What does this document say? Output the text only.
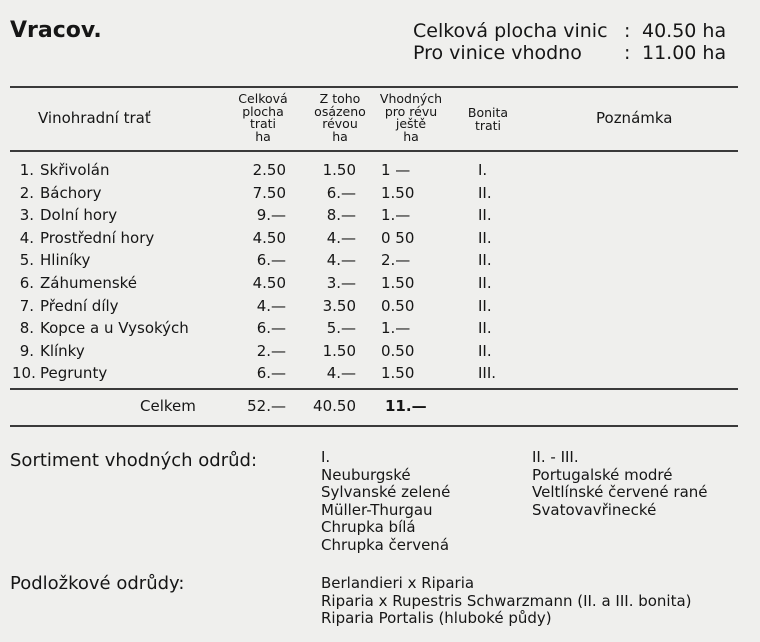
Vracov.	Celková plocha vinic : 40.50 ha
Pro vinice vhodno : 11.00 ha
Vinohradní trať
Celková
plocha
trati
ha
Z toho
osázeno
révou
ha
Vhodných
pro révu
ještě
ha
Bonita
trati	Poznámka
1. Skřivolán	2.50	1.50 1 —	I.
2. Báchory	7.50	6.— 1.50	II.
3. Dolní hory	9.—	8.— 1.—	II.
4. Prostřední hory	4.50	4.— 0 50	II.
5. Hliníky	6.—	4.— 2.—	II.
6. Záhumenské	4.50	3.— 1.50	II.
7. Přední díly	4.—	3.50 0.50	II.
8. Kopce a u Vysokých	6.—	5.— 1.—	II.
9. Klínky	2.—	1.50 0.50	II.
10. Pegrunty	6.—	4.— 1.50	III.
Celkem	52.—	40.50 11.—
Sortiment vhodných odrůd:	I.
Neuburgské
Sylvanské zelené
Müller-Thurgau
Chrupka bílá
Chrupka červená
II. - III.
Portugalské modré
Veltlínské červené rané
Svatovavřinecké
Podložkové odrůdy:	Berlandieri x Riparia
Riparia x Rupestris Schwarzmann (II. a III. bonita)
Riparia Portalis (hluboké půdy)
